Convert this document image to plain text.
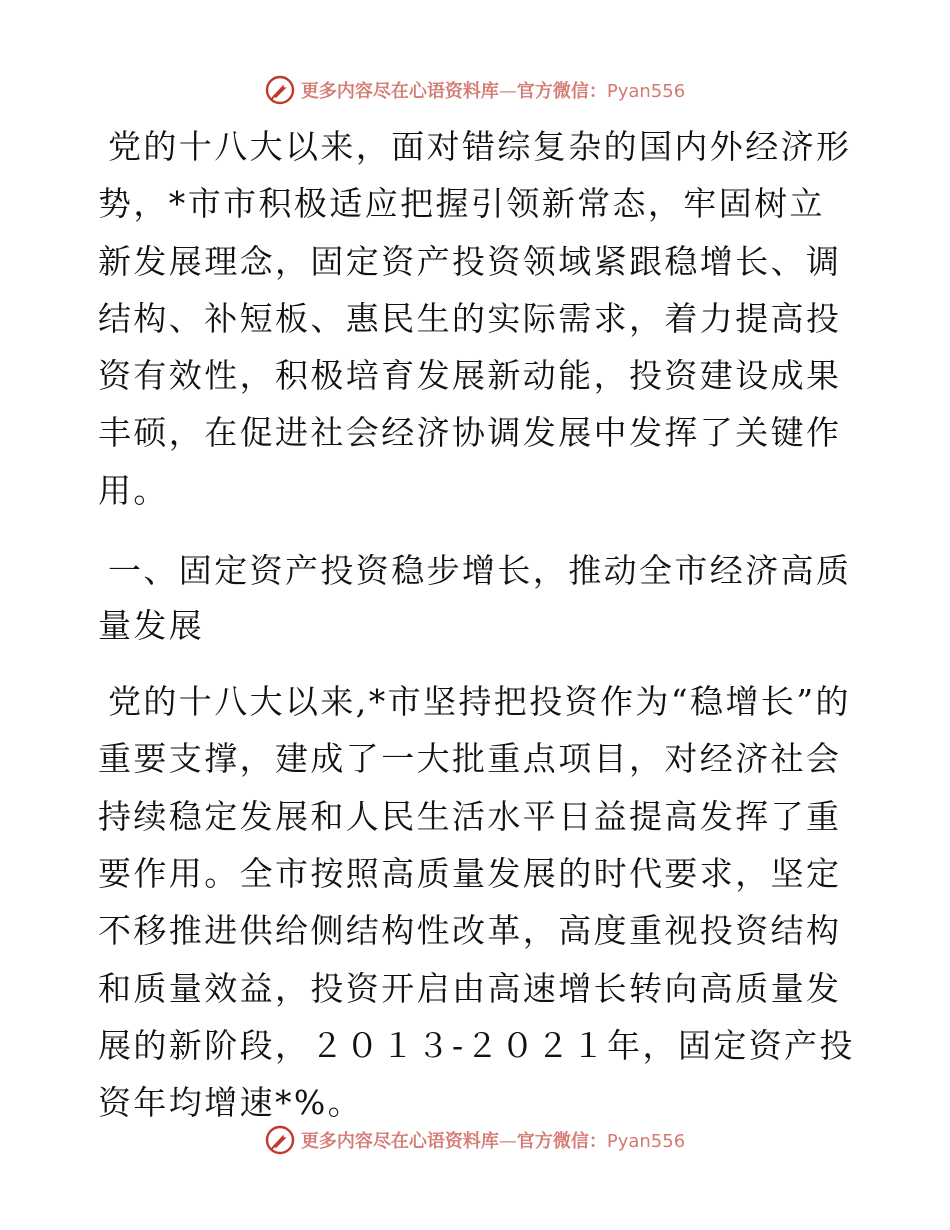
更多内容尽在心语资料库—官方微信：Pyan556

党的十八大以来，面对错综复杂的国内外经济形势，*市市积极适应把握引领新常态，牢固树立新发展理念，固定资产投资领域紧跟稳增长、调结构、补短板、惠民生的实际需求，着力提高投资有效性，积极培育发展新动能，投资建设成果丰硕，在促进社会经济协调发展中发挥了关键作用。

一、固定资产投资稳步增长，推动全市经济高质量发展

党的十八大以来,*市坚持把投资作为“稳增长”的重要支撑，建成了一大批重点项目，对经济社会持续稳定发展和人民生活水平日益提高发挥了重要作用。全市按照高质量发展的时代要求，坚定不移推进供给侧结构性改革，高度重视投资结构和质量效益，投资开启由高速增长转向高质量发展的新阶段，２０１３-２０２１年，固定资产投资年均增速*%。

更多内容尽在心语资料库—官方微信：Pyan556
